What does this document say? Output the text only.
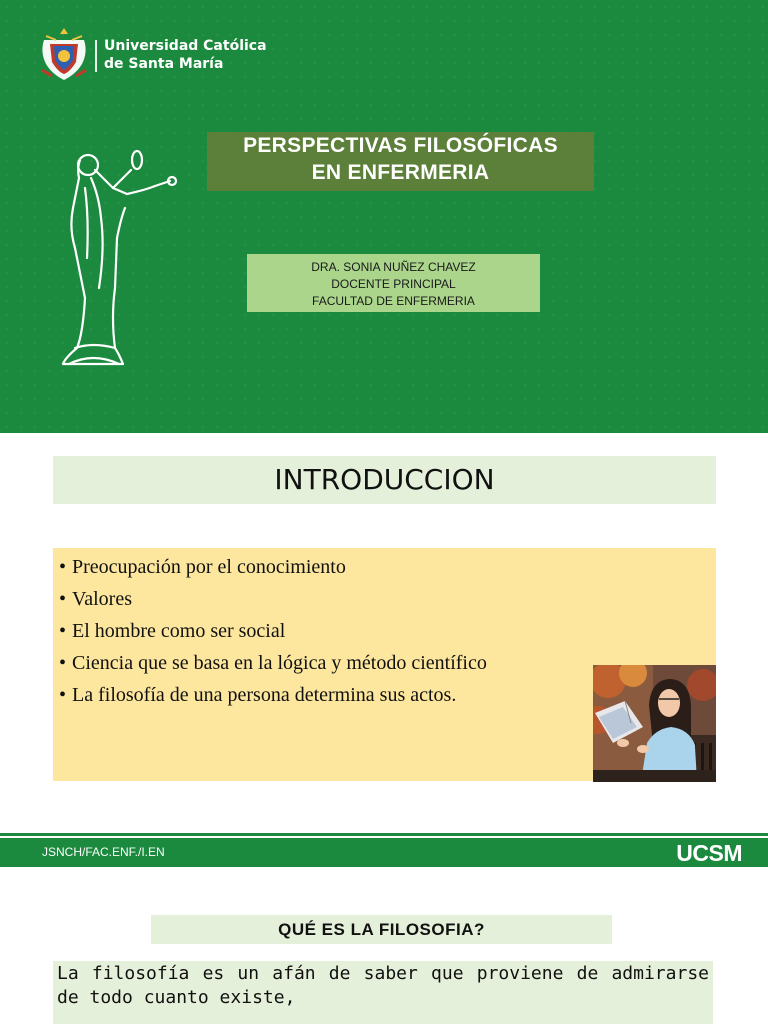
Universidad Católica
de Santa María
PERSPECTIVAS FILOSÓFICAS
EN ENFERMERIA
DRA. SONIA NUÑEZ CHAVEZ
DOCENTE PRINCIPAL
FACULTAD DE ENFERMERIA
INTRODUCCION
• Preocupación por el conocimiento
• Valores
• El hombre como ser social
• Ciencia que se basa en la lógica y método científico
• La filosofía de una persona determina sus actos.
JSNCH/FAC.ENF./I.EN	UCSM
QUÉ ES LA FILOSOFIA?
La filosofía es un afán de saber que proviene de admirarse de todo cuanto existe,
